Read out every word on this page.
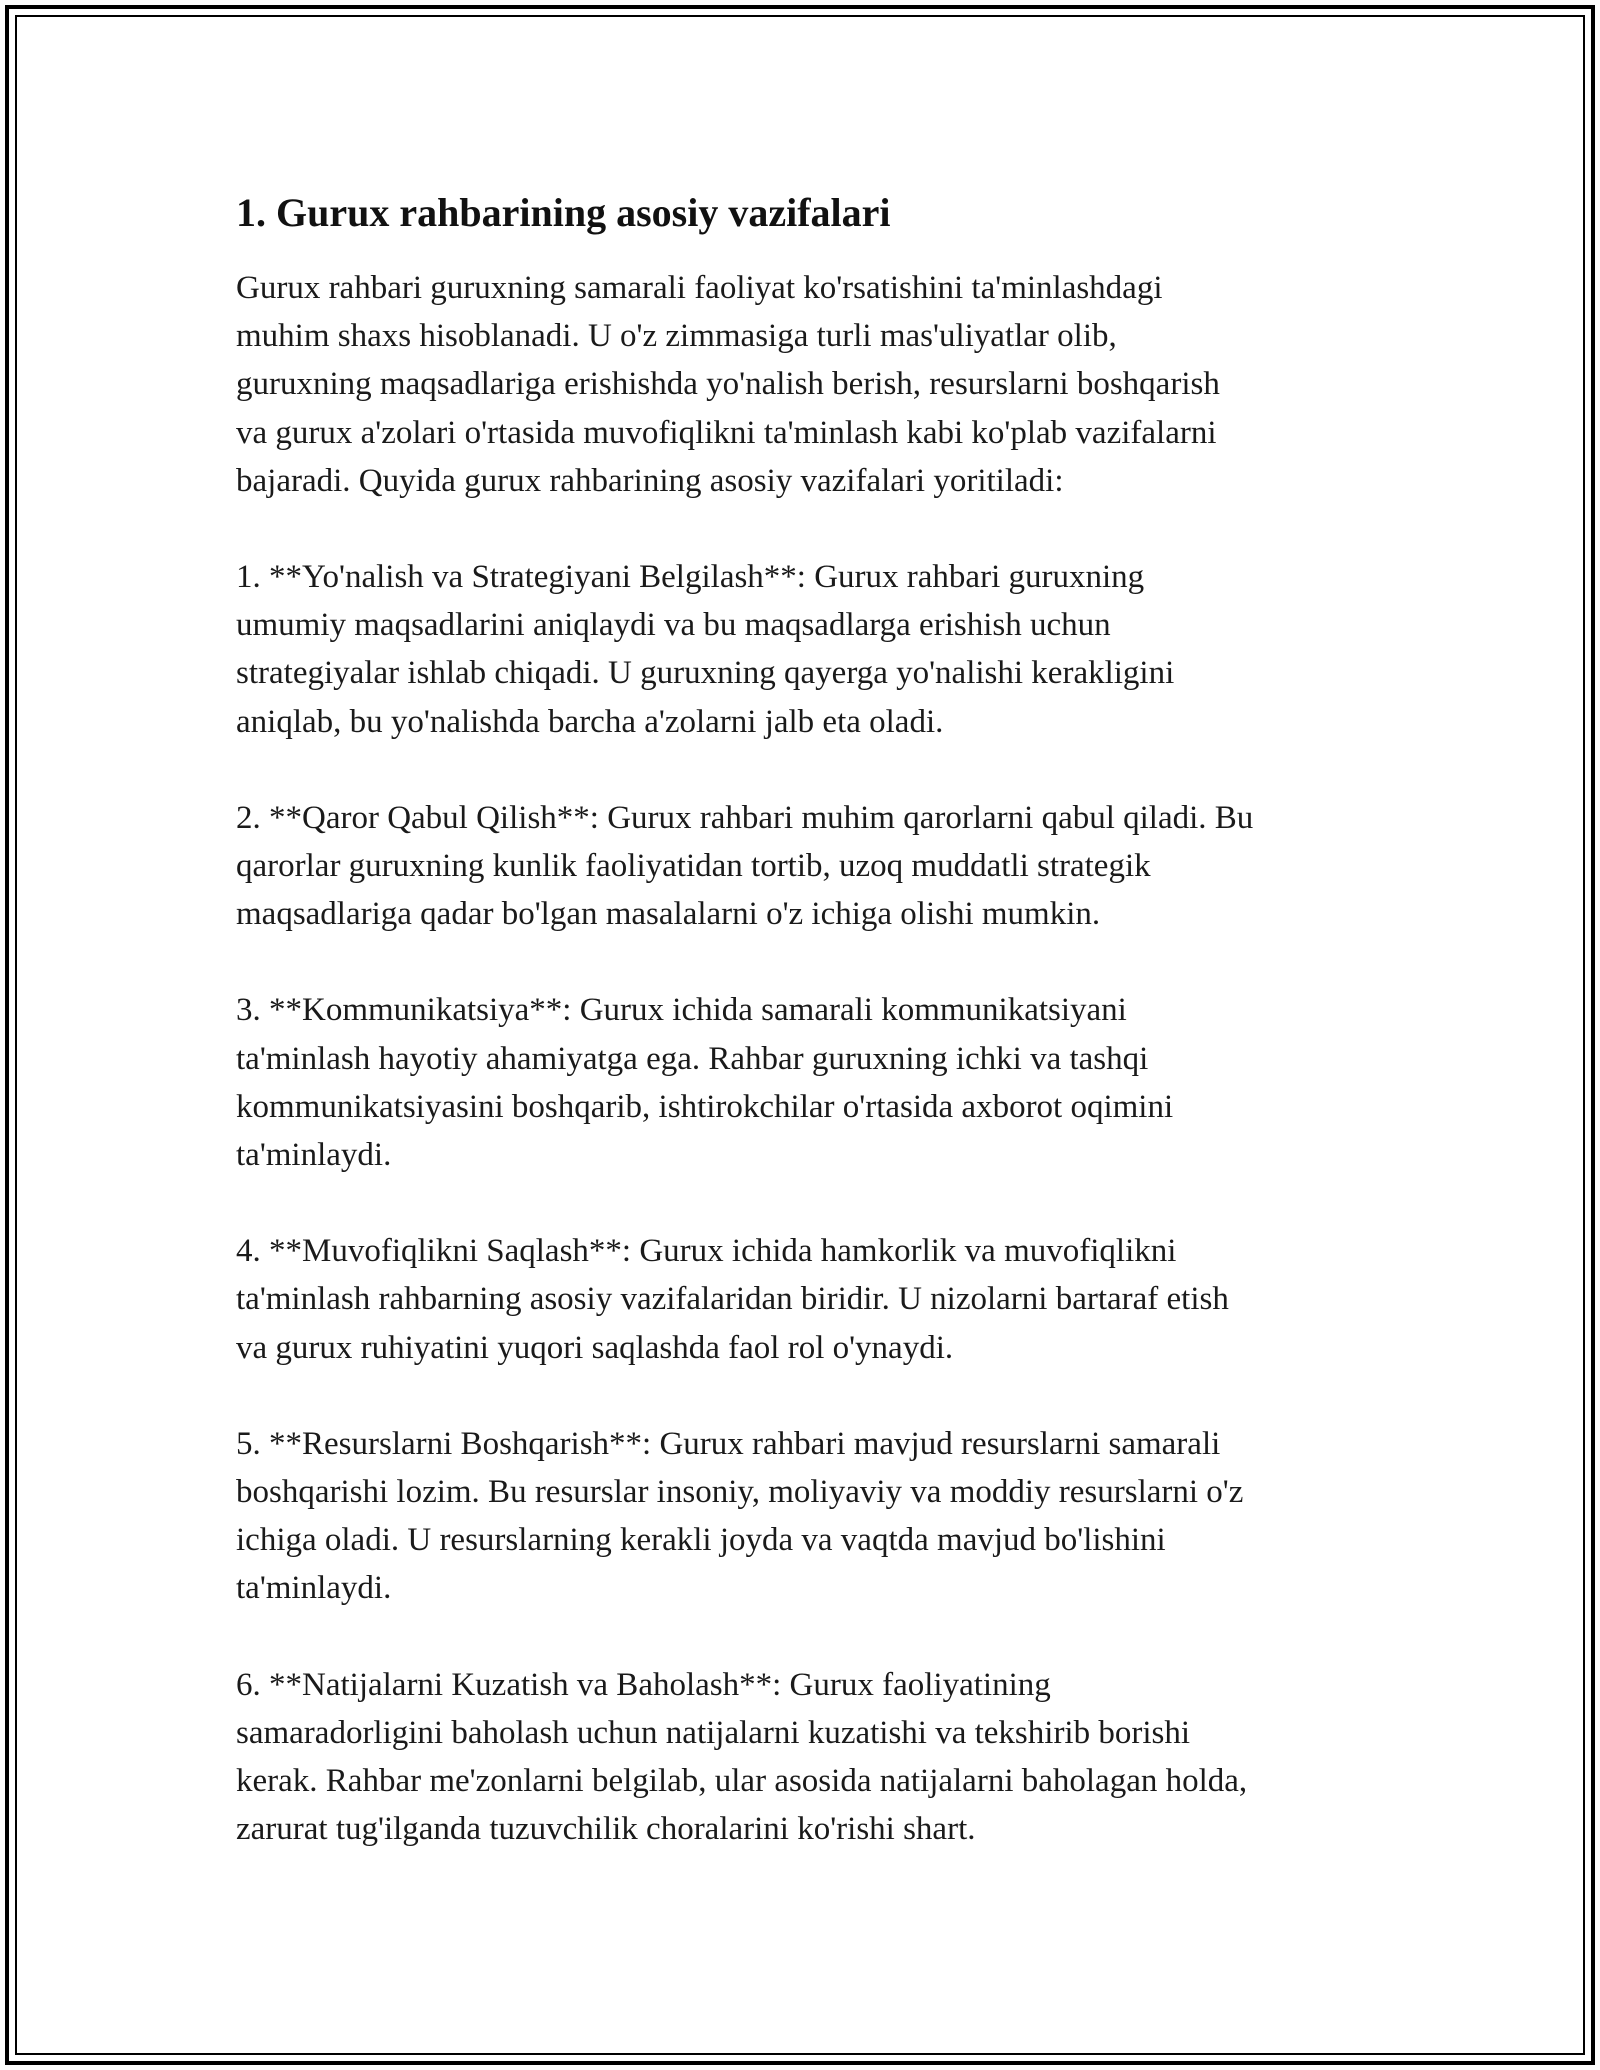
1. Gurux rahbarining asosiy vazifalari
Gurux rahbari guruxning samarali faoliyat ko'rsatishini ta'minlashdagi
muhim shaxs hisoblanadi. U o'z zimmasiga turli mas'uliyatlar olib,
guruxning maqsadlariga erishishda yo'nalish berish, resurslarni boshqarish
va gurux a'zolari o'rtasida muvofiqlikni ta'minlash kabi ko'plab vazifalarni
bajaradi. Quyida gurux rahbarining asosiy vazifalari yoritiladi:
1. **Yo'nalish va Strategiyani Belgilash**: Gurux rahbari guruxning
umumiy maqsadlarini aniqlaydi va bu maqsadlarga erishish uchun
strategiyalar ishlab chiqadi. U guruxning qayerga yo'nalishi kerakligini
aniqlab, bu yo'nalishda barcha a'zolarni jalb eta oladi.
2. **Qaror Qabul Qilish**: Gurux rahbari muhim qarorlarni qabul qiladi. Bu
qarorlar guruxning kunlik faoliyatidan tortib, uzoq muddatli strategik
maqsadlariga qadar bo'lgan masalalarni o'z ichiga olishi mumkin.
3. **Kommunikatsiya**: Gurux ichida samarali kommunikatsiyani
ta'minlash hayotiy ahamiyatga ega. Rahbar guruxning ichki va tashqi
kommunikatsiyasini boshqarib, ishtirokchilar o'rtasida axborot oqimini
ta'minlaydi.
4. **Muvofiqlikni Saqlash**: Gurux ichida hamkorlik va muvofiqlikni
ta'minlash rahbarning asosiy vazifalaridan biridir. U nizolarni bartaraf etish
va gurux ruhiyatini yuqori saqlashda faol rol o'ynaydi.
5. **Resurslarni Boshqarish**: Gurux rahbari mavjud resurslarni samarali
boshqarishi lozim. Bu resurslar insoniy, moliyaviy va moddiy resurslarni o'z
ichiga oladi. U resurslarning kerakli joyda va vaqtda mavjud bo'lishini
ta'minlaydi.
6. **Natijalarni Kuzatish va Baholash**: Gurux faoliyatining
samaradorligini baholash uchun natijalarni kuzatishi va tekshirib borishi
kerak. Rahbar me'zonlarni belgilab, ular asosida natijalarni baholagan holda,
zarurat tug'ilganda tuzuvchilik choralarini ko'rishi shart.
